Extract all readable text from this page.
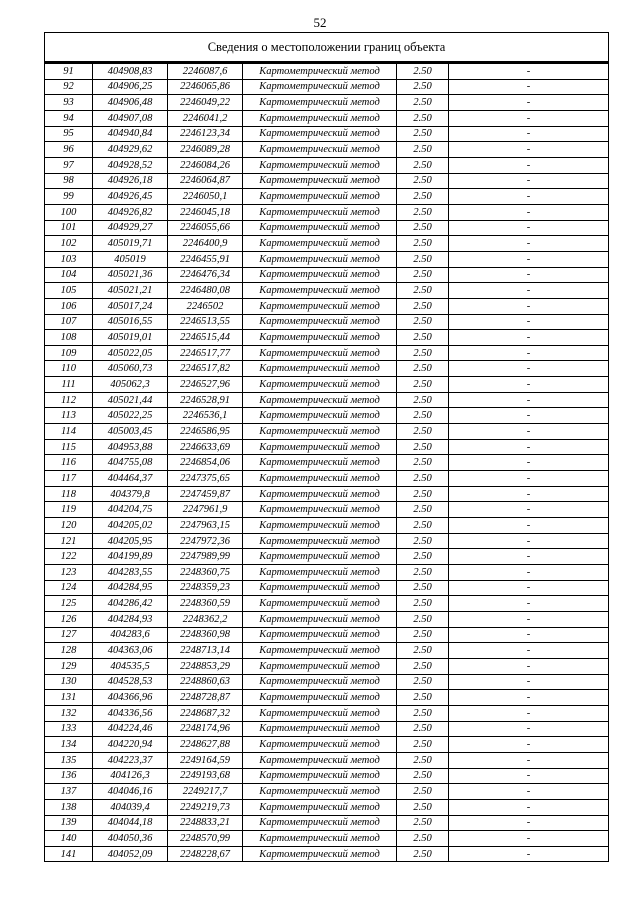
52
Сведения о местоположении границ объекта					
91	404908,83	2246087,6	Картометрический метод	2.50	-
92	404906,25	2246065,86	Картометрический метод	2.50	-
93	404906,48	2246049,22	Картометрический метод	2.50	-
94	404907,08	2246041,2	Картометрический метод	2.50	-
95	404940,84	2246123,34	Картометрический метод	2.50	-
96	404929,62	2246089,28	Картометрический метод	2.50	-
97	404928,52	2246084,26	Картометрический метод	2.50	-
98	404926,18	2246064,87	Картометрический метод	2.50	-
99	404926,45	2246050,1	Картометрический метод	2.50	-
100	404926,82	2246045,18	Картометрический метод	2.50	-
101	404929,27	2246055,66	Картометрический метод	2.50	-
102	405019,71	2246400,9	Картометрический метод	2.50	-
103	405019	2246455,91	Картометрический метод	2.50	-
104	405021,36	2246476,34	Картометрический метод	2.50	-
105	405021,21	2246480,08	Картометрический метод	2.50	-
106	405017,24	2246502	Картометрический метод	2.50	-
107	405016,55	2246513,55	Картометрический метод	2.50	-
108	405019,01	2246515,44	Картометрический метод	2.50	-
109	405022,05	2246517,77	Картометрический метод	2.50	-
110	405060,73	2246517,82	Картометрический метод	2.50	-
111	405062,3	2246527,96	Картометрический метод	2.50	-
112	405021,44	2246528,91	Картометрический метод	2.50	-
113	405022,25	2246536,1	Картометрический метод	2.50	-
114	405003,45	2246586,95	Картометрический метод	2.50	-
115	404953,88	2246633,69	Картометрический метод	2.50	-
116	404755,08	2246854,06	Картометрический метод	2.50	-
117	404464,37	2247375,65	Картометрический метод	2.50	-
118	404379,8	2247459,87	Картометрический метод	2.50	-
119	404204,75	2247961,9	Картометрический метод	2.50	-
120	404205,02	2247963,15	Картометрический метод	2.50	-
121	404205,95	2247972,36	Картометрический метод	2.50	-
122	404199,89	2247989,99	Картометрический метод	2.50	-
123	404283,55	2248360,75	Картометрический метод	2.50	-
124	404284,95	2248359,23	Картометрический метод	2.50	-
125	404286,42	2248360,59	Картометрический метод	2.50	-
126	404284,93	2248362,2	Картометрический метод	2.50	-
127	404283,6	2248360,98	Картометрический метод	2.50	-
128	404363,06	2248713,14	Картометрический метод	2.50	-
129	404535,5	2248853,29	Картометрический метод	2.50	-
130	404528,53	2248860,63	Картометрический метод	2.50	-
131	404366,96	2248728,87	Картометрический метод	2.50	-
132	404336,56	2248687,32	Картометрический метод	2.50	-
133	404224,46	2248174,96	Картометрический метод	2.50	-
134	404220,94	2248627,88	Картометрический метод	2.50	-
135	404223,37	2249164,59	Картометрический метод	2.50	-
136	404126,3	2249193,68	Картометрический метод	2.50	-
137	404046,16	2249217,7	Картометрический метод	2.50	-
138	404039,4	2249219,73	Картометрический метод	2.50	-
139	404044,18	2248833,21	Картометрический метод	2.50	-
140	404050,36	2248570,99	Картометрический метод	2.50	-
141	404052,09	2248228,67	Картометрический метод	2.50	-
